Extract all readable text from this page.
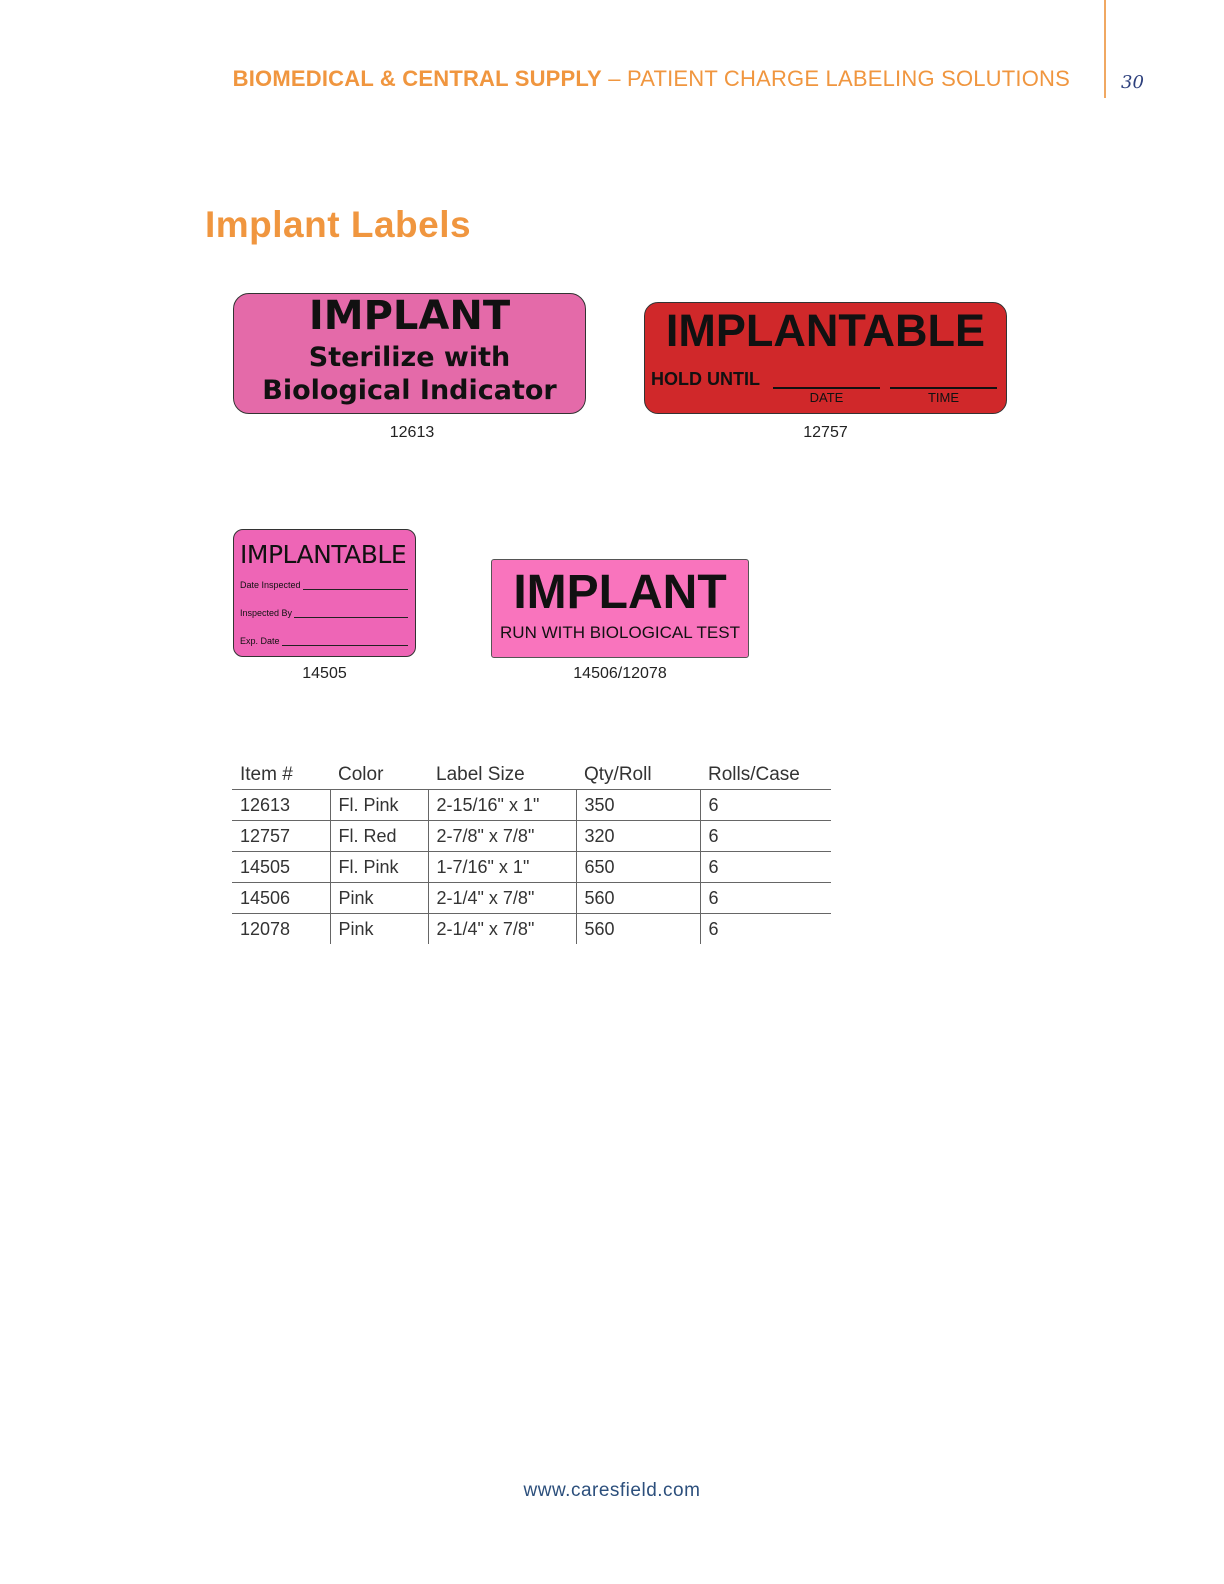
BIOMEDICAL & CENTRAL SUPPLY – PATIENT CHARGE LABELING SOLUTIONS	30
Implant Labels
IMPLANT
Sterilize with
Biological Indicator
12613
IMPLANTABLE
HOLD UNTIL
DATE	TIME
12757
IMPLANTABLE
Date Inspected
Inspected By
Exp. Date
14505
IMPLANT
RUN WITH BIOLOGICAL TEST
14506/12078
Item #	Color	Label Size	Qty/Roll	Rolls/Case
12613	Fl. Pink	2-15/16" x 1"	350	6
12757	Fl. Red	2-7/8" x 7/8"	320	6
14505	Fl. Pink	1-7/16" x 1"	650	6
14506	Pink	2-1/4" x 7/8"	560	6
12078	Pink	2-1/4" x 7/8"	560	6
www.caresfield.com
